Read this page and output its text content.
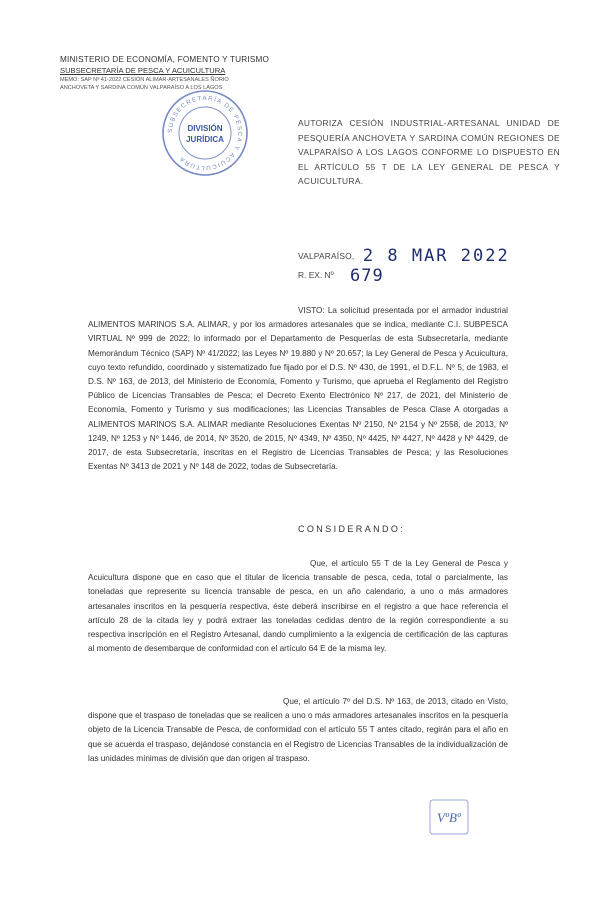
MINISTERIO DE ECONOMÍA, FOMENTO Y TURISMO
SUBSECRETARÍA DE PESCA Y ACUICULTURA
MEMO: SAP Nº 41-2022 CESIÓN ALIMAR-ARTESANALES ÑORIO
ANCHOVETA Y SARDINA COMÚN VALPARAÍSO A LOS LAGOS
SUBSECRETARÍA DE PESCA Y ACUICULTURA
DIVISIÓN
JURÍDICA
AUTORIZA CESIÓN INDUSTRIAL-ARTESANAL UNIDAD DE PESQUERÍA ANCHOVETA Y SARDINA COMÚN REGIONES DE VALPARAÍSO A LOS LAGOS CONFORME LO DISPUESTO EN EL ARTÍCULO 55 T DE LA LEY GENERAL DE PESCA Y ACUICULTURA.
VALPARAÍSO, 2 8 MAR 2022
R. EX. Nº 679
VISTO: La solicitud presentada por el armador industrial ALIMENTOS MARINOS S.A. ALIMAR, y por los armadores artesanales que se indica, mediante C.I. SUBPESCA VIRTUAL Nº 999 de 2022; lo informado por el Departamento de Pesquerías de esta Subsecretaría, mediante Memorándum Técnico (SAP) Nº 41/2022; las Leyes Nº 19.880 y Nº 20.657; la Ley General de Pesca y Acuicultura, cuyo texto refundido, coordinado y sistematizado fue fijado por el D.S. Nº 430, de 1991, el D.F.L. Nº 5, de 1983, el D.S. Nº 163, de 2013, del Ministerio de Economía, Fomento y Turismo, que aprueba el Reglamento del Registro Público de Licencias Transables de Pesca; el Decreto Exento Electrónico Nº 217, de 2021, del Ministerio de Economía, Fomento y Turismo y sus modificaciones; las Licencias Transables de Pesca Clase A otorgadas a ALIMENTOS MARINOS S.A. ALIMAR mediante Resoluciones Exentas Nº 2150, Nº 2154 y Nº 2558, de 2013, Nº 1249, Nº 1253 y Nº 1446, de 2014, Nº 3520, de 2015, Nº 4349, Nº 4350, Nº 4425, Nº 4427, Nº 4428 y Nº 4429, de 2017, de esta Subsecretaría, inscritas en el Registro de Licencias Transables de Pesca; y las Resoluciones Exentas Nº 3413 de 2021 y Nº 148 de 2022, todas de Subsecretaría.
CONSIDERANDO:
Que, el artículo 55 T de la Ley General de Pesca y Acuicultura dispone que en caso que el titular de licencia transable de pesca, ceda, total o parcialmente, las toneladas que represente su licencia transable de pesca, en un año calendario, a uno o más armadores artesanales inscritos en la pesquería respectiva, éste deberá inscribirse en el registro a que hace referencia el artículo 28 de la citada ley y podrá extraer las toneladas cedidas dentro de la región correspondiente a su respectiva inscripción en el Registro Artesanal, dando cumplimiento a la exigencia de certificación de las capturas al momento de desembarque de conformidad con el artículo 64 E de la misma ley.
Que, el artículo 7º del D.S. Nº 163, de 2013, citado en Visto, dispone que el traspaso de toneladas que se realicen a uno o más armadores artesanales inscritos en la pesquería objeto de la Licencia Transable de Pesca, de conformidad con el artículo 55 T antes citado, regirán para el año en que se acuerda el traspaso, dejándose constancia en el Registro de Licencias Transables de la individualización de las unidades mínimas de división que dan origen al traspaso.
VºBº
